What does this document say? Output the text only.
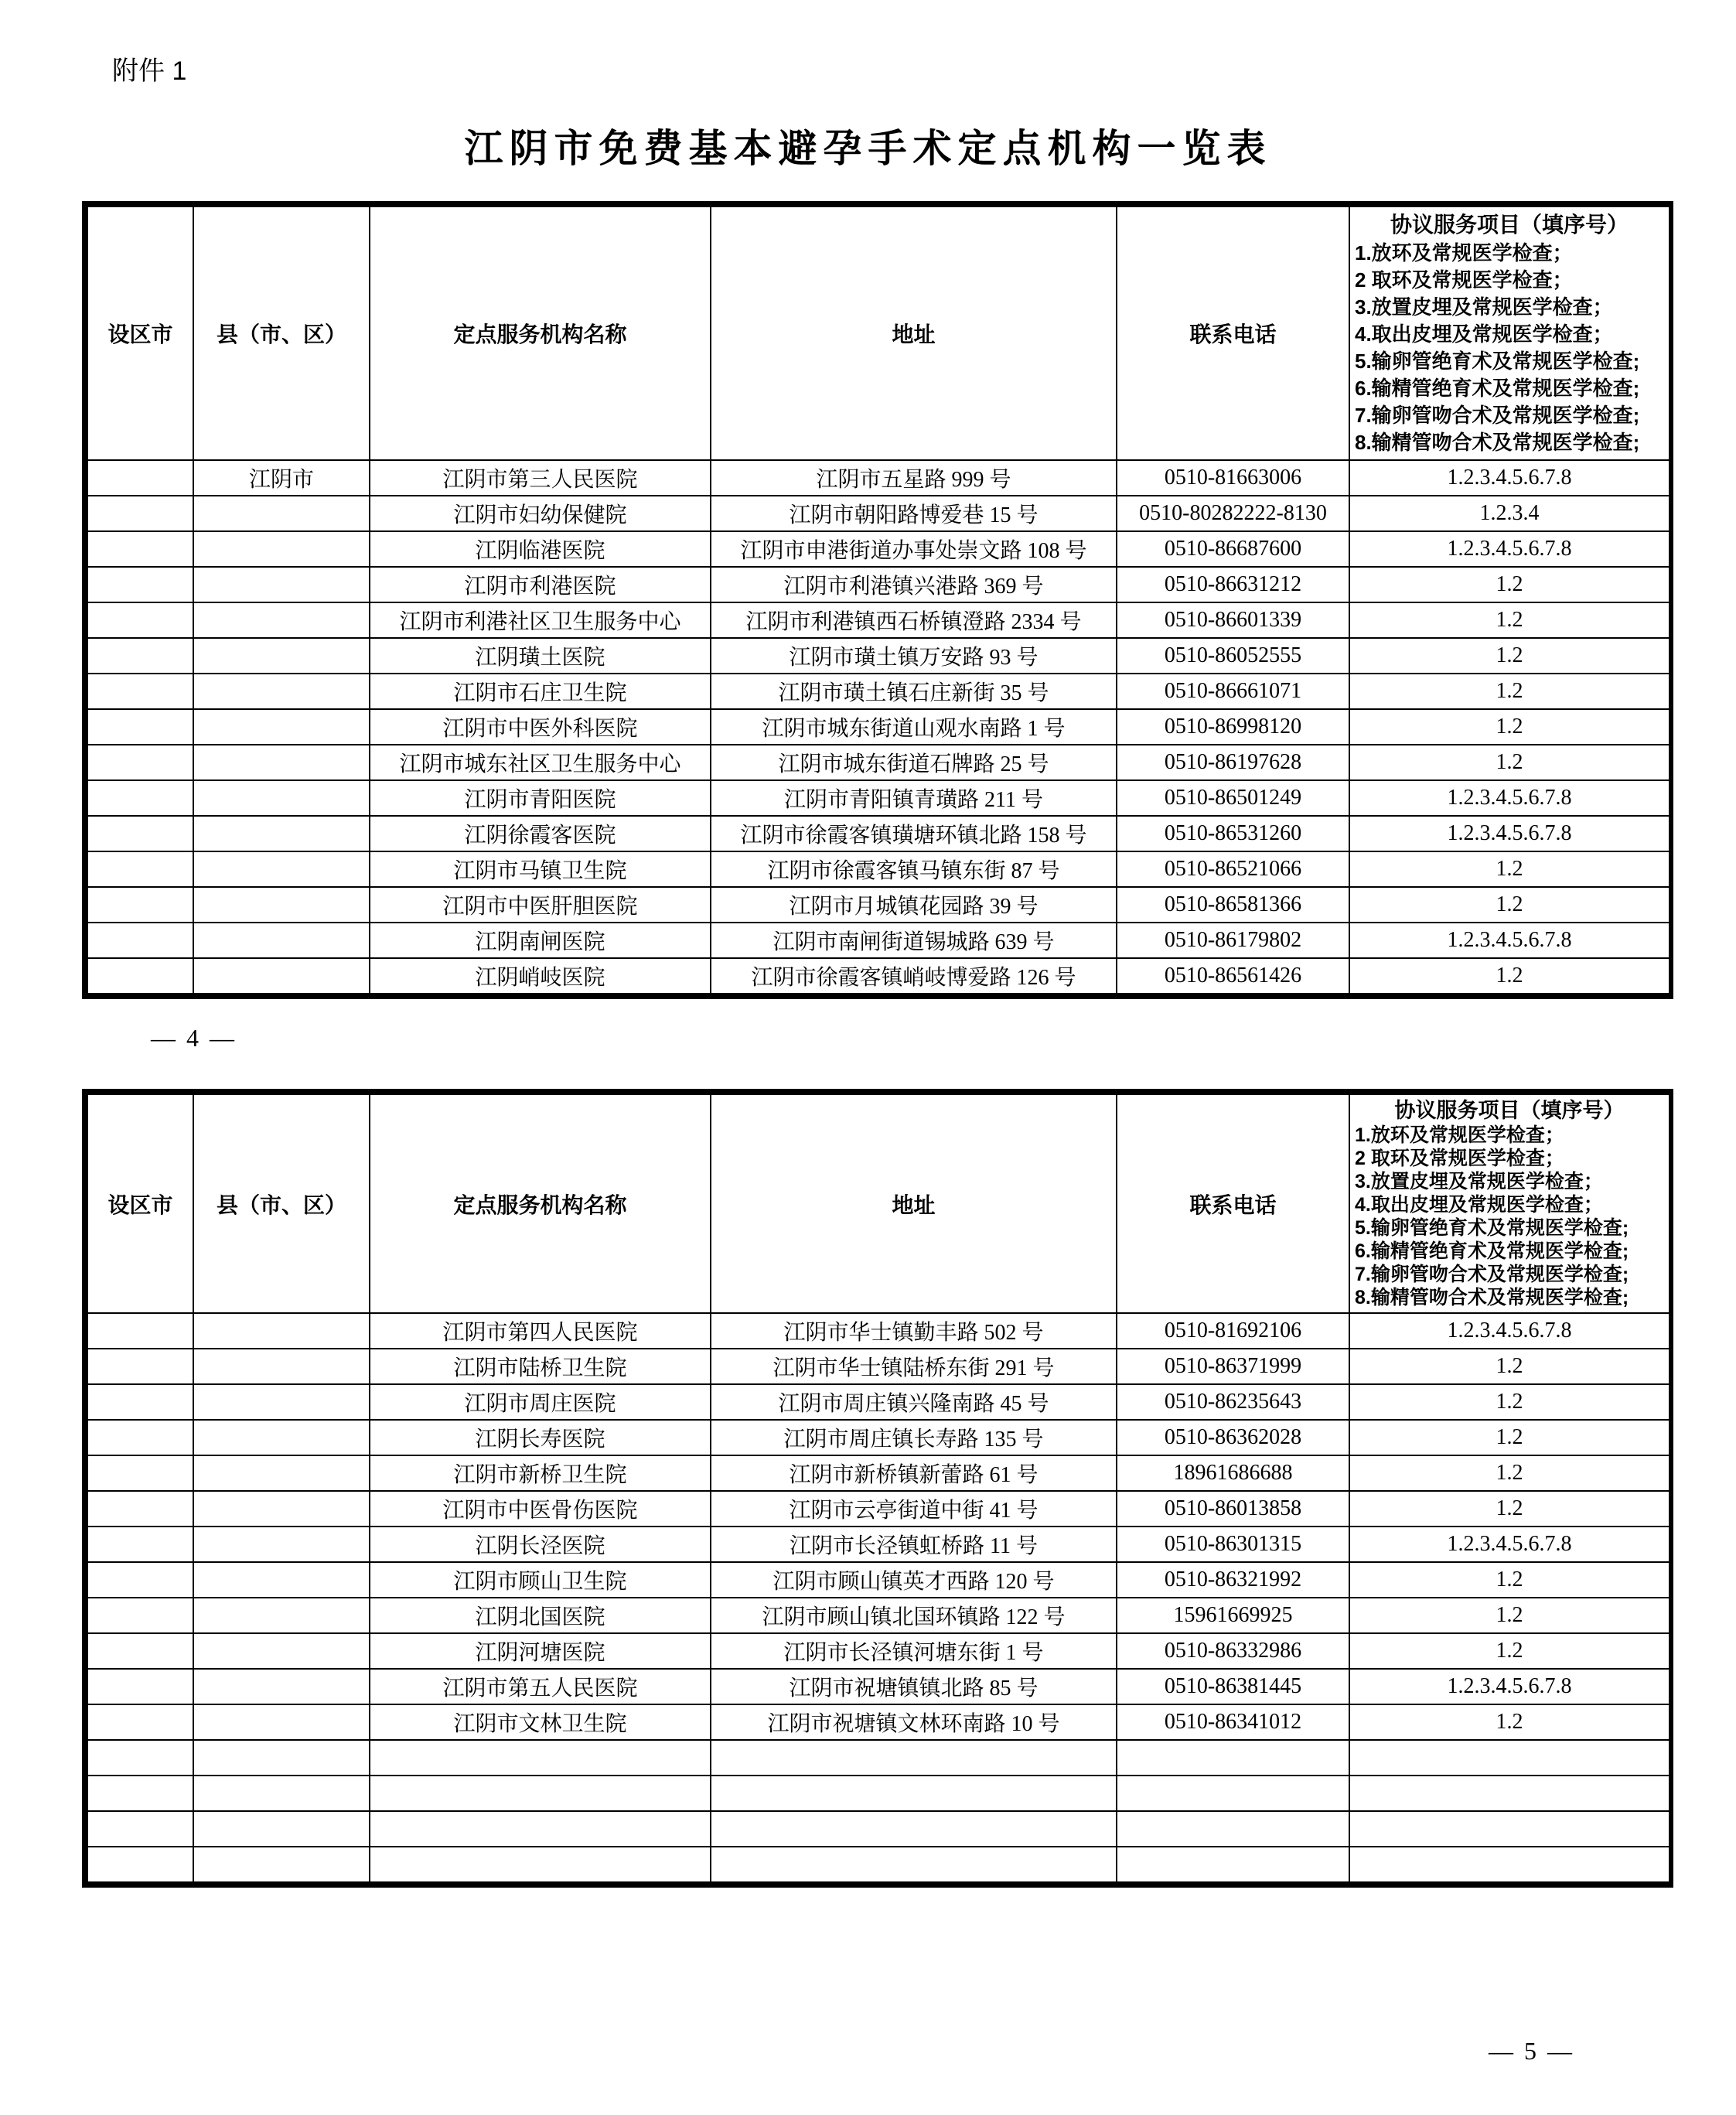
附件 1
江阴市免费基本避孕手术定点机构一览表
设区市	县（市、区）	定点服务机构名称	地址	联系电话	
协议服务项目（填序号）
1.放环及常规医学检查；
2 取环及常规医学检查；
3.放置皮埋及常规医学检查；
4.取出皮埋及常规医学检查；
5.输卵管绝育术及常规医学检查;
6.输精管绝育术及常规医学检查;
7.输卵管吻合术及常规医学检查;
8.输精管吻合术及常规医学检查;

	江阴市	江阴市第三人民医院	江阴市五星路 999 号	0510-81663006	1.2.3.4.5.6.7.8
		江阴市妇幼保健院	江阴市朝阳路博爱巷 15 号	0510-80282222-8130	1.2.3.4
		江阴临港医院	江阴市申港街道办事处崇文路 108 号	0510-86687600	1.2.3.4.5.6.7.8
		江阴市利港医院	江阴市利港镇兴港路 369 号	0510-86631212	1.2
		江阴市利港社区卫生服务中心	江阴市利港镇西石桥镇澄路 2334 号	0510-86601339	1.2
		江阴璜土医院	江阴市璜土镇万安路 93 号	0510-86052555	1.2
		江阴市石庄卫生院	江阴市璜土镇石庄新街 35 号	0510-86661071	1.2
		江阴市中医外科医院	江阴市城东街道山观水南路 1 号	0510-86998120	1.2
		江阴市城东社区卫生服务中心	江阴市城东街道石牌路 25 号	0510-86197628	1.2
		江阴市青阳医院	江阴市青阳镇青璜路 211 号	0510-86501249	1.2.3.4.5.6.7.8
		江阴徐霞客医院	江阴市徐霞客镇璜塘环镇北路 158 号	0510-86531260	1.2.3.4.5.6.7.8
		江阴市马镇卫生院	江阴市徐霞客镇马镇东街 87 号	0510-86521066	1.2
		江阴市中医肝胆医院	江阴市月城镇花园路 39 号	0510-86581366	1.2
		江阴南闸医院	江阴市南闸街道锡城路 639 号	0510-86179802	1.2.3.4.5.6.7.8
		江阴峭岐医院	江阴市徐霞客镇峭岐博爱路 126 号	0510-86561426	1.2
— 4 —
设区市	县（市、区）	定点服务机构名称	地址	联系电话	
协议服务项目（填序号）
1.放环及常规医学检查；
2 取环及常规医学检查；
3.放置皮埋及常规医学检查；
4.取出皮埋及常规医学检查；
5.输卵管绝育术及常规医学检查;
6.输精管绝育术及常规医学检查;
7.输卵管吻合术及常规医学检查;
8.输精管吻合术及常规医学检查;

		江阴市第四人民医院	江阴市华士镇勤丰路 502 号	0510-81692106	1.2.3.4.5.6.7.8
		江阴市陆桥卫生院	江阴市华士镇陆桥东街 291 号	0510-86371999	1.2
		江阴市周庄医院	江阴市周庄镇兴隆南路 45 号	0510-86235643	1.2
		江阴长寿医院	江阴市周庄镇长寿路 135 号	0510-86362028	1.2
		江阴市新桥卫生院	江阴市新桥镇新蕾路 61 号	18961686688	1.2
		江阴市中医骨伤医院	江阴市云亭街道中街 41 号	0510-86013858	1.2
		江阴长泾医院	江阴市长泾镇虹桥路 11 号	0510-86301315	1.2.3.4.5.6.7.8
		江阴市顾山卫生院	江阴市顾山镇英才西路 120 号	0510-86321992	1.2
		江阴北国医院	江阴市顾山镇北国环镇路 122 号	15961669925	1.2
		江阴河塘医院	江阴市长泾镇河塘东街 1 号	0510-86332986	1.2
		江阴市第五人民医院	江阴市祝塘镇镇北路 85 号	0510-86381445	1.2.3.4.5.6.7.8
		江阴市文林卫生院	江阴市祝塘镇文林环南路 10 号	0510-86341012	1.2

— 5 —
